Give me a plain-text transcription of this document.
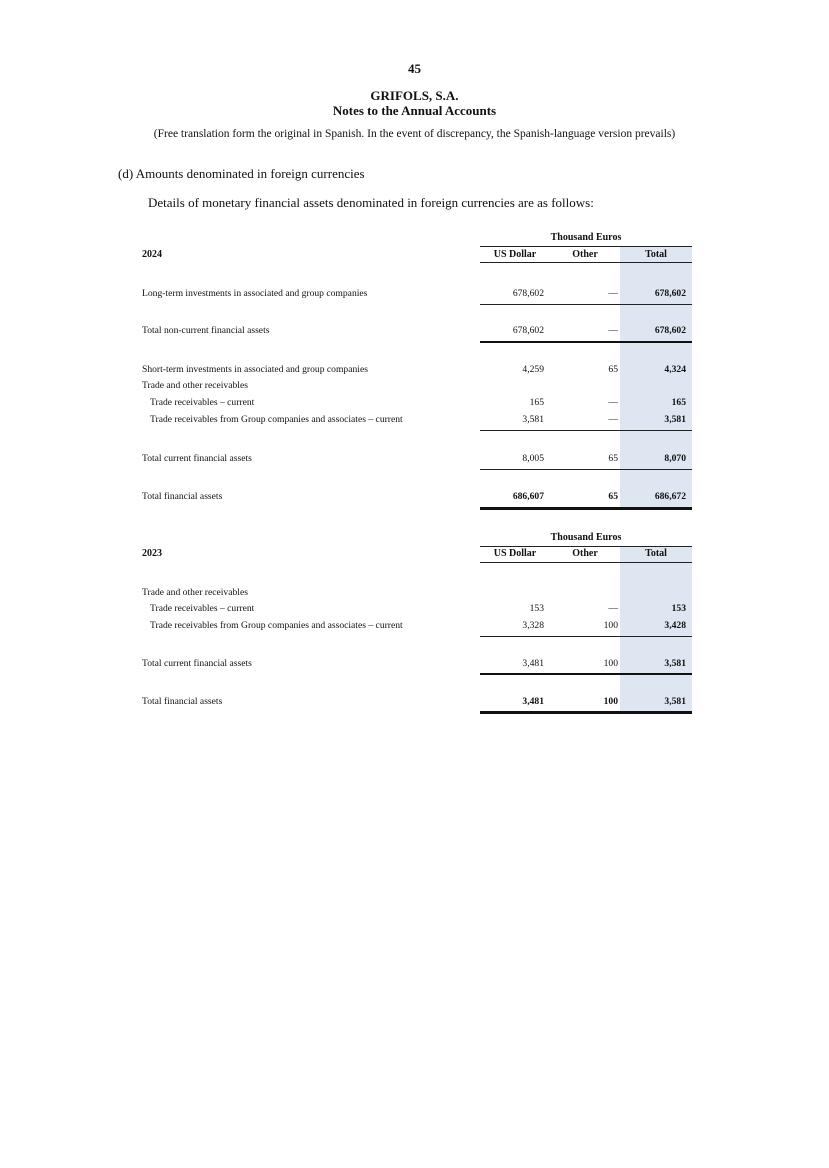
45
GRIFOLS, S.A.
Notes to the Annual Accounts
(Free translation form the original in Spanish. In the event of discrepancy, the Spanish-language version prevails)
(d) Amounts denominated in foreign currencies
Details of monetary financial assets denominated in foreign currencies are as follows:
Thousand Euros
2024	US Dollar	Other	Total
Long-term investments in associated and group companies	678,602	—	678,602
Total non-current financial assets	678,602	—	678,602
Short-term investments in associated and group companies	4,259	65	4,324
Trade and other receivables
Trade receivables – current	165	—	165
Trade receivables from Group companies and associates – current	3,581	—	3,581
Total current financial assets	8,005	65	8,070
Total financial assets	686,607	65	686,672
Thousand Euros
2023	US Dollar	Other	Total
Trade and other receivables
Trade receivables – current	153	—	153
Trade receivables from Group companies and associates – current	3,328	100	3,428
Total current financial assets	3,481	100	3,581
Total financial assets	3,481	100	3,581
